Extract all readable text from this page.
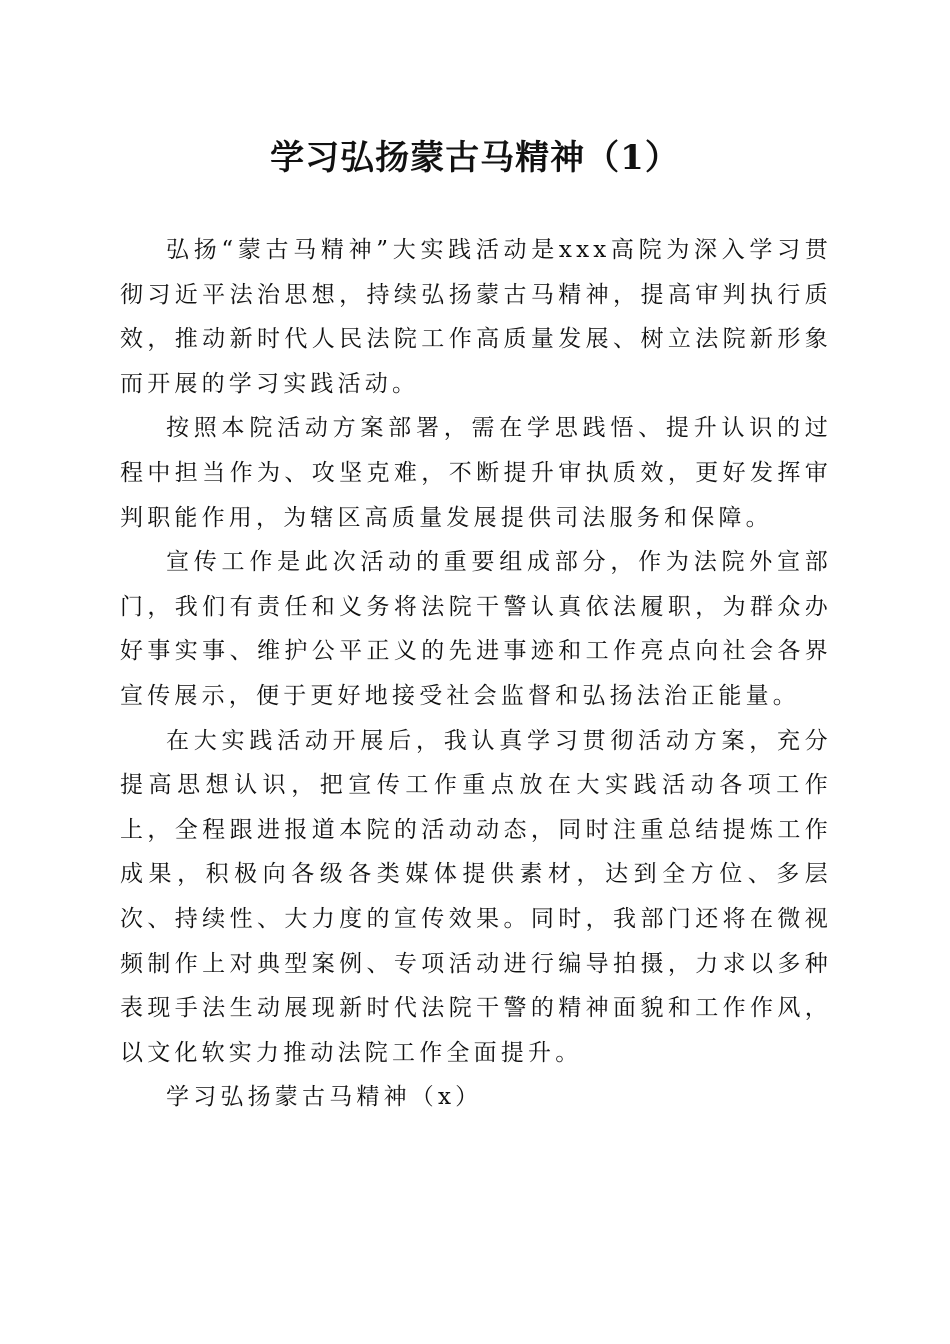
学习弘扬蒙古马精神（1）

弘扬“蒙古马精神”大实践活动是xxx高院为深入学习贯彻习近平法治思想，持续弘扬蒙古马精神，提高审判执行质效，推动新时代人民法院工作高质量发展、树立法院新形象而开展的学习实践活动。

按照本院活动方案部署，需在学思践悟、提升认识的过程中担当作为、攻坚克难，不断提升审执质效，更好发挥审判职能作用，为辖区高质量发展提供司法服务和保障。

宣传工作是此次活动的重要组成部分，作为法院外宣部门，我们有责任和义务将法院干警认真依法履职，为群众办好事实事、维护公平正义的先进事迹和工作亮点向社会各界宣传展示，便于更好地接受社会监督和弘扬法治正能量。

在大实践活动开展后，我认真学习贯彻活动方案，充分提高思想认识，把宣传工作重点放在大实践活动各项工作上，全程跟进报道本院的活动动态，同时注重总结提炼工作成果，积极向各级各类媒体提供素材，达到全方位、多层次、持续性、大力度的宣传效果。同时，我部门还将在微视频制作上对典型案例、专项活动进行编导拍摄，力求以多种表现手法生动展现新时代法院干警的精神面貌和工作作风，以文化软实力推动法院工作全面提升。

学习弘扬蒙古马精神（x）
